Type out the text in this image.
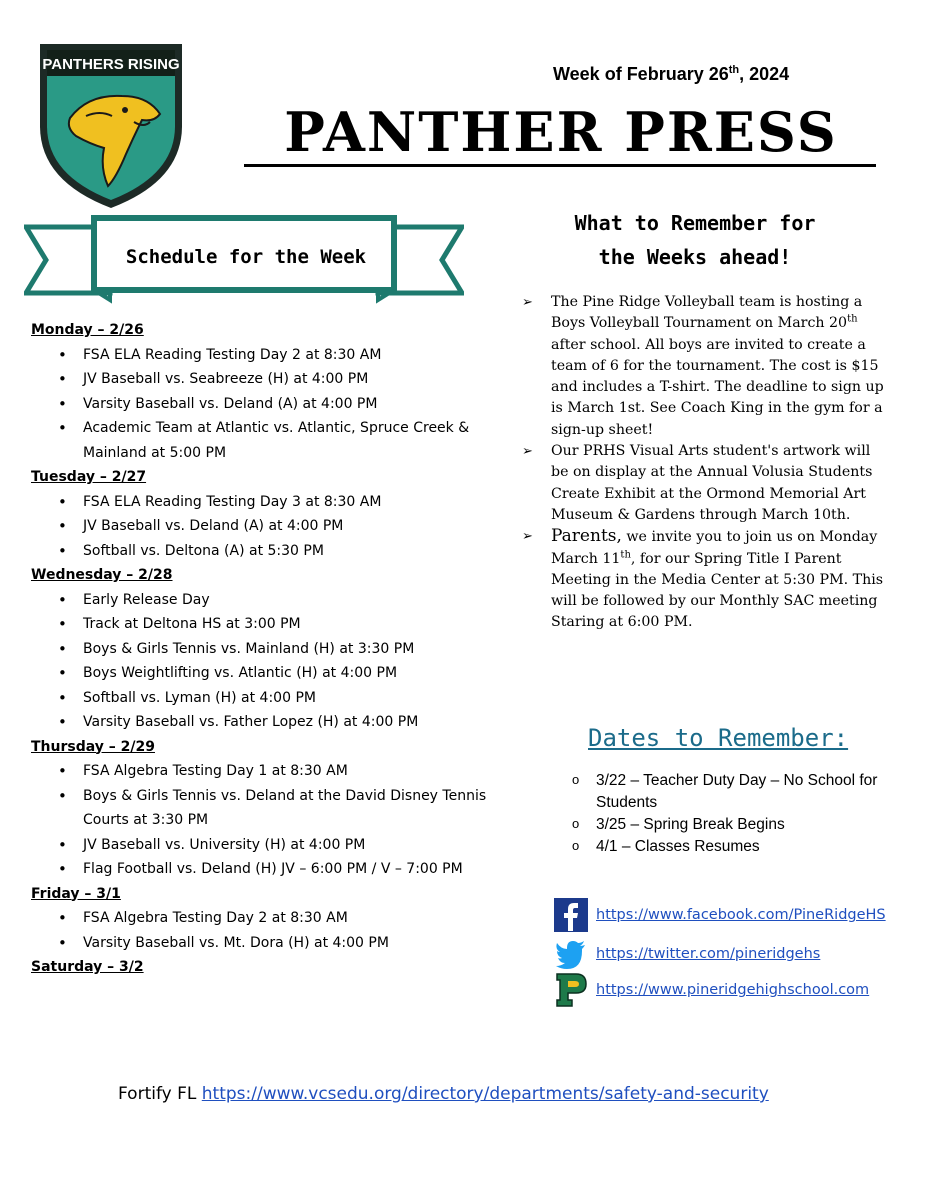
PANTHERS RISING	Week of February 26th, 2024
PANTHER PRESS
Schedule for the Week
Monday – 2/26
• FSA ELA Reading Testing Day 2 at 8:30 AM
• JV Baseball vs. Seabreeze (H) at 4:00 PM
• Varsity Baseball vs. Deland (A) at 4:00 PM
• Academic Team at Atlantic vs. Atlantic, Spruce Creek & Mainland at 5:00 PM
Tuesday – 2/27
• FSA ELA Reading Testing Day 3 at 8:30 AM
• JV Baseball vs. Deland (A) at 4:00 PM
• Softball vs. Deltona (A) at 5:30 PM
Wednesday – 2/28
• Early Release Day
• Track at Deltona HS at 3:00 PM
• Boys & Girls Tennis vs. Mainland (H) at 3:30 PM
• Boys Weightlifting vs. Atlantic (H) at 4:00 PM
• Softball vs. Lyman (H) at 4:00 PM
• Varsity Baseball vs. Father Lopez (H) at 4:00 PM
Thursday – 2/29
• FSA Algebra Testing Day 1 at 8:30 AM
• Boys & Girls Tennis vs. Deland at the David Disney Tennis Courts at 3:30 PM
• JV Baseball vs. University (H) at 4:00 PM
• Flag Football vs. Deland (H) JV – 6:00 PM / V – 7:00 PM
Friday – 3/1
• FSA Algebra Testing Day 2 at 8:30 AM
• Varsity Baseball vs. Mt. Dora (H) at 4:00 PM
Saturday – 3/2
What to Remember for
the Weeks ahead!
➢ The Pine Ridge Volleyball team is hosting a Boys Volleyball Tournament on March 20th after school. All boys are invited to create a team of 6 for the tournament. The cost is $15 and includes a T-shirt. The deadline to sign up is March 1st. See Coach King in the gym for a sign-up sheet!
➢ Our PRHS Visual Arts student's artwork will be on display at the Annual Volusia Students Create Exhibit at the Ormond Memorial Art Museum & Gardens through March 10th.
➢ Parents, we invite you to join us on Monday March 11th, for our Spring Title I Parent Meeting in the Media Center at 5:30 PM. This will be followed by our Monthly SAC meeting Staring at 6:00 PM.
Dates to Remember:
o 3/22 – Teacher Duty Day – No School for Students
o 3/25 – Spring Break Begins
o 4/1 – Classes Resumes
https://www.facebook.com/PineRidgeHS
https://twitter.com/pineridgehs
https://www.pineridgehighschool.com
Fortify FL https://www.vcsedu.org/directory/departments/safety-and-security
